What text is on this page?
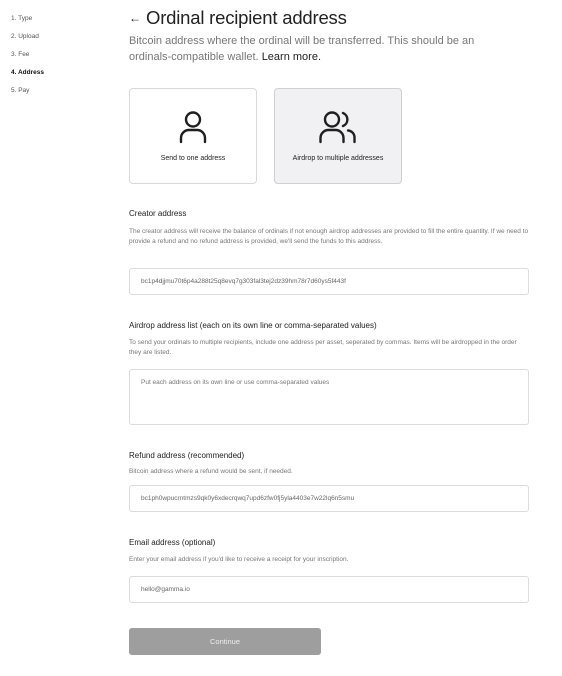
1. Type
2. Upload
3. Fee
4. Address
5. Pay
← Ordinal recipient address
Bitcoin address where the ordinal will be transferred. This should be an ordinals-compatible wallet. Learn more.
Send to one address	Airdrop to multiple addresses
Creator address
The creator address will receive the balance of ordinals if not enough airdrop addresses are provided to fill the entire quantity. If we need to provide a refund and no refund address is provided, we'll send the funds to this address.
bc1p4djjmu70t6p4a288t25q8evq7g303fal3tej2dz39hm78r7d60ys5f443f
Airdrop address list (each on its own line or comma-separated values)
To send your ordinals to multiple recipients, include one address per asset, seperated by commas. Items will be airdropped in the order they are listed.
Put each address on its own line or use comma-separated values
Refund address (recommended)
Bitcoin address where a refund would be sent, if needed.
bc1ph0wpucrntmzs9qk0y6xdecrqwq7upd6zfw0fj5yla4403e7w22lq6n5smu
Email address (optional)
Enter your email address if you'd like to receive a receipt for your inscription.
hello@gamma.io
Continue
